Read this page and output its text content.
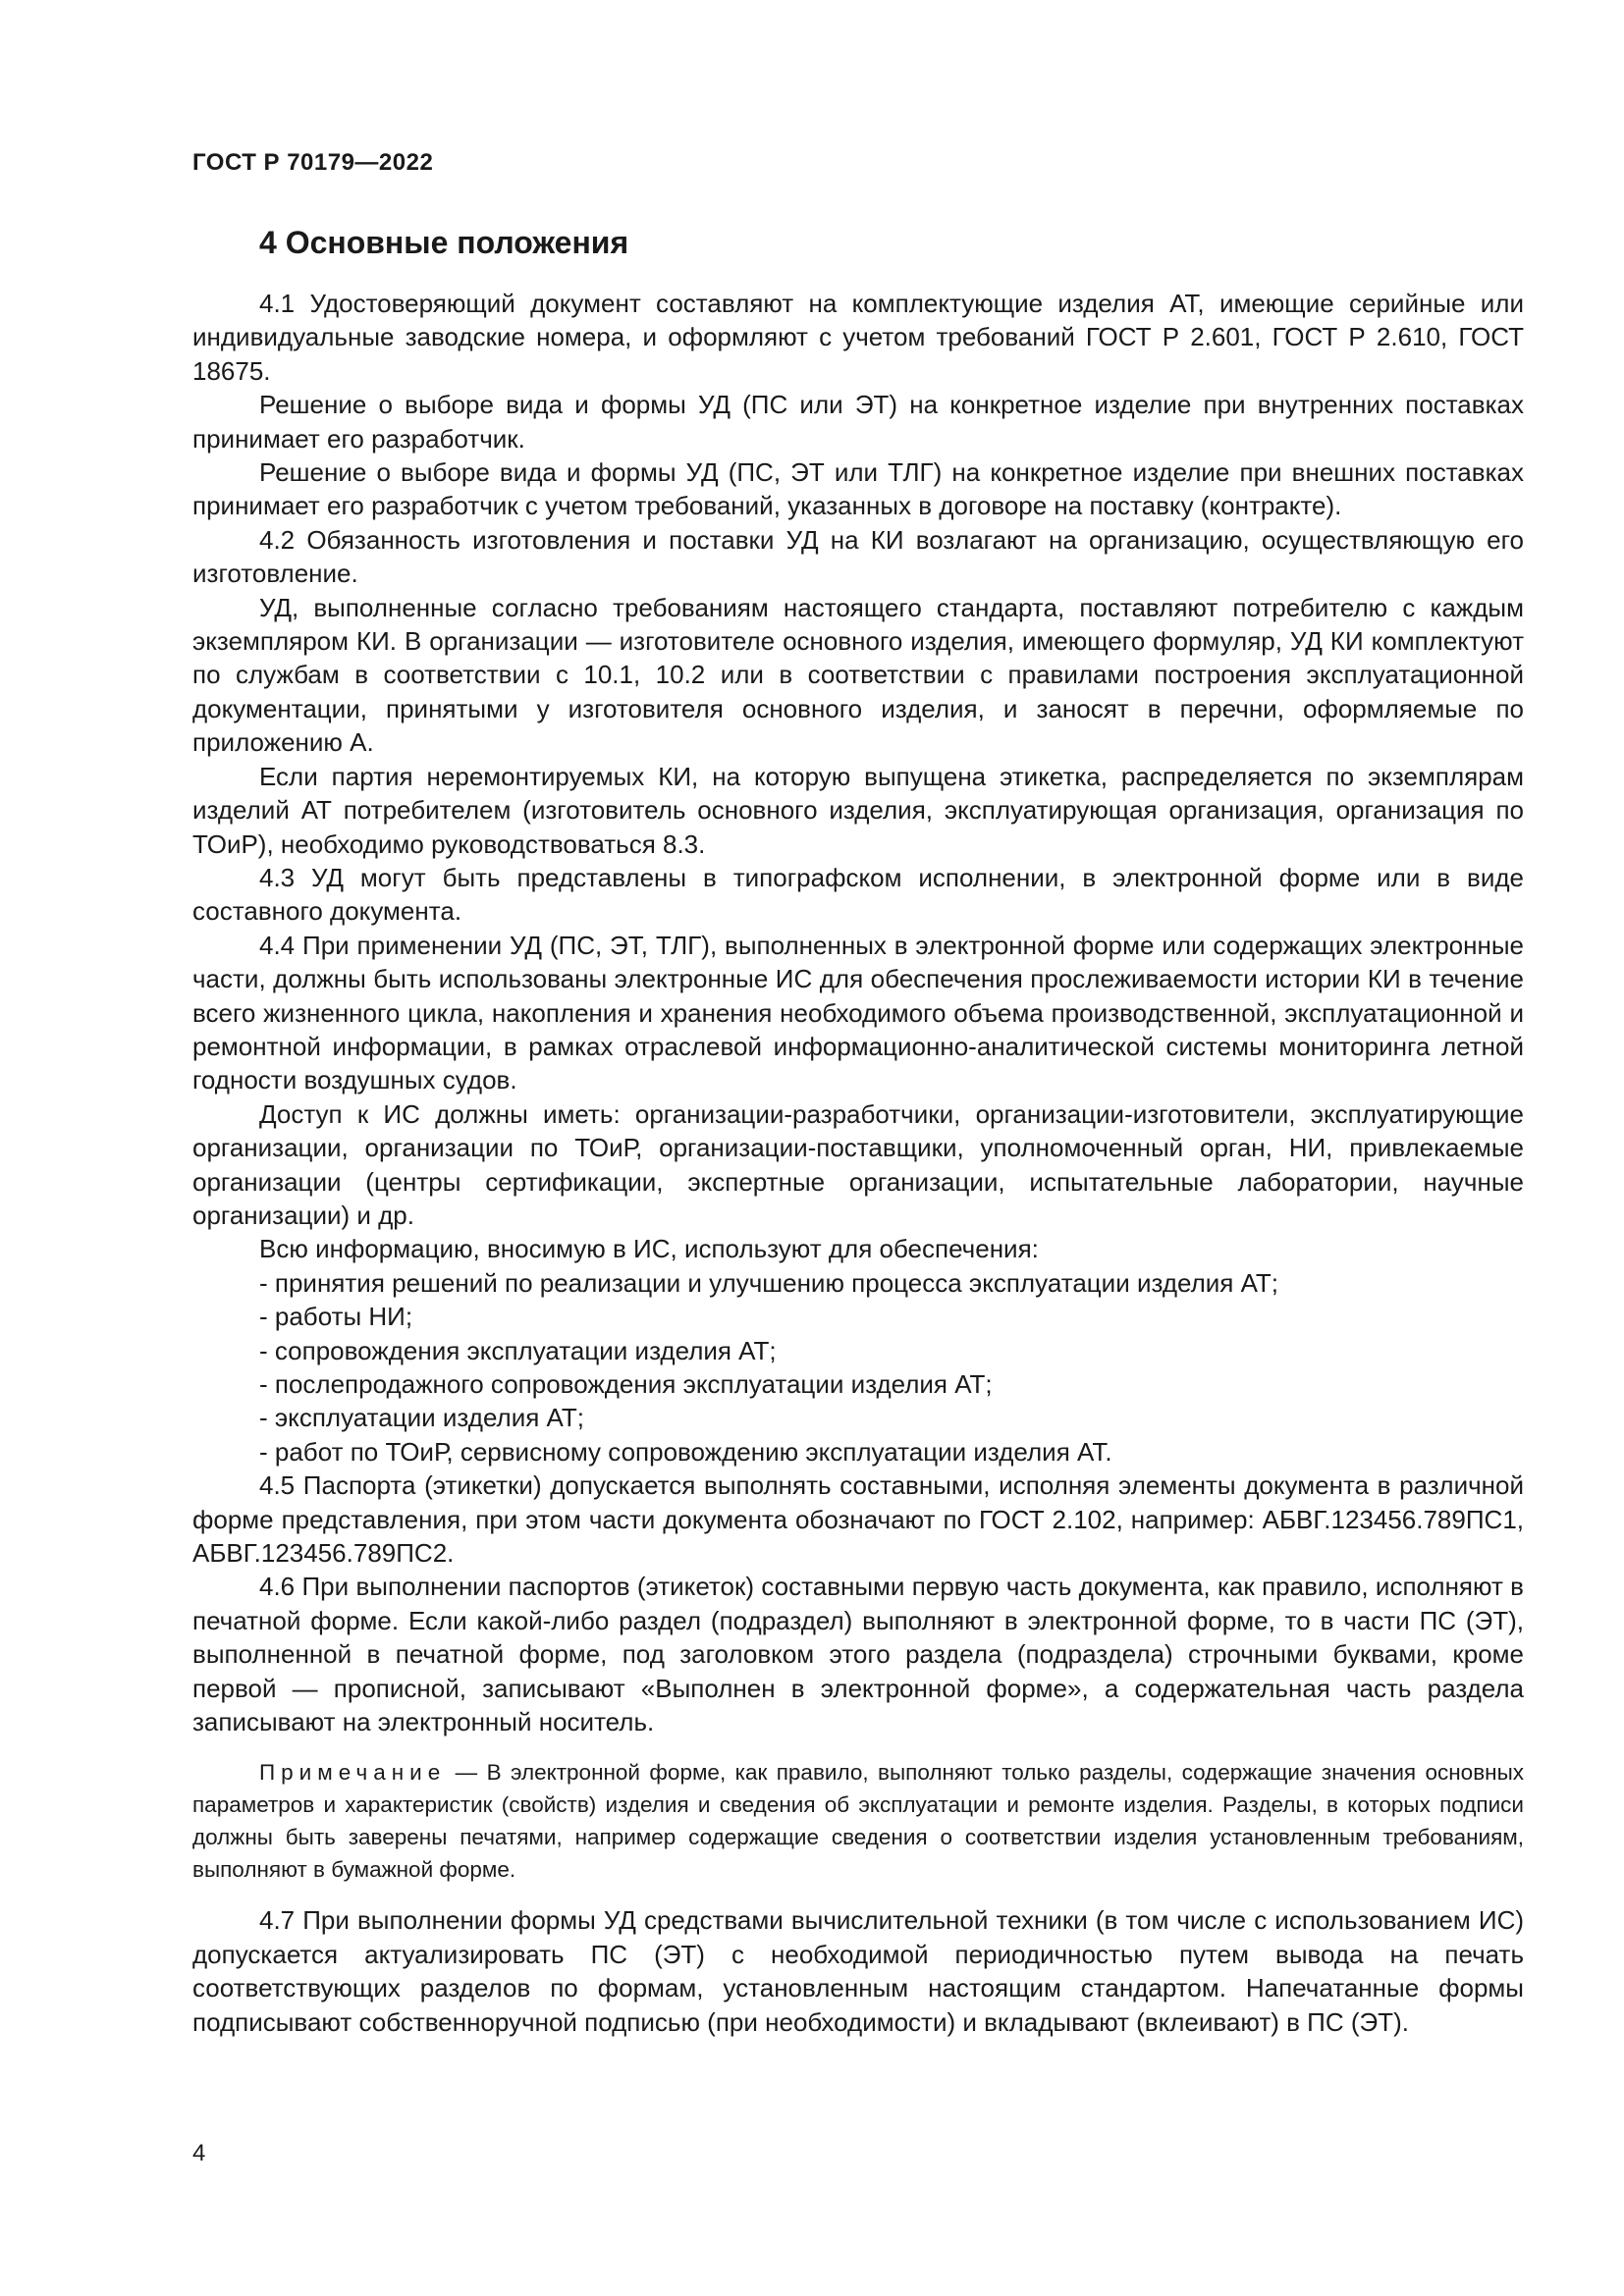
ГОСТ Р 70179—2022
4 Основные положения

4.1 Удостоверяющий документ составляют на комплектующие изделия АТ, имеющие серийные или индивидуальные заводские номера, и оформляют с учетом требований ГОСТ Р 2.601, ГОСТ Р 2.610, ГОСТ 18675.

Решение о выборе вида и формы УД (ПС или ЭТ) на конкретное изделие при внутренних поставках принимает его разработчик.

Решение о выборе вида и формы УД (ПС, ЭТ или ТЛГ) на конкретное изделие при внешних поставках принимает его разработчик с учетом требований, указанных в договоре на поставку (контракте).

4.2 Обязанность изготовления и поставки УД на КИ возлагают на организацию, осуществляющую его изготовление.

УД, выполненные согласно требованиям настоящего стандарта, поставляют потребителю с каждым экземпляром КИ. В организации — изготовителе основного изделия, имеющего формуляр, УД КИ комплектуют по службам в соответствии с 10.1, 10.2 или в соответствии с правилами построения эксплуатационной документации, принятыми у изготовителя основного изделия, и заносят в перечни, оформляемые по приложению А.

Если партия неремонтируемых КИ, на которую выпущена этикетка, распределяется по экземплярам изделий АТ потребителем (изготовитель основного изделия, эксплуатирующая организация, организация по ТОиР), необходимо руководствоваться 8.3.

4.3 УД могут быть представлены в типографском исполнении, в электронной форме или в виде составного документа.

4.4 При применении УД (ПС, ЭТ, ТЛГ), выполненных в электронной форме или содержащих электронные части, должны быть использованы электронные ИС для обеспечения прослеживаемости истории КИ в течение всего жизненного цикла, накопления и хранения необходимого объема производственной, эксплуатационной и ремонтной информации, в рамках отраслевой информационно-аналитической системы мониторинга летной годности воздушных судов.

Доступ к ИС должны иметь: организации-разработчики, организации-изготовители, эксплуатирующие организации, организации по ТОиР, организации-поставщики, уполномоченный орган, НИ, привлекаемые организации (центры сертификации, экспертные организации, испытательные лаборатории, научные организации) и др.

Всю информацию, вносимую в ИС, используют для обеспечения:

- принятия решений по реализации и улучшению процесса эксплуатации изделия АТ;
- работы НИ;
- сопровождения эксплуатации изделия АТ;
- послепродажного сопровождения эксплуатации изделия АТ;
- эксплуатации изделия АТ;
- работ по ТОиР, сервисному сопровождению эксплуатации изделия АТ.

4.5 Паспорта (этикетки) допускается выполнять составными, исполняя элементы документа в различной форме представления, при этом части документа обозначают по ГОСТ 2.102, например: АБВГ.123456.789ПС1, АБВГ.123456.789ПС2.

4.6 При выполнении паспортов (этикеток) составными первую часть документа, как правило, исполняют в печатной форме. Если какой-либо раздел (подраздел) выполняют в электронной форме, то в части ПС (ЭТ), выполненной в печатной форме, под заголовком этого раздела (подраздела) строчными буквами, кроме первой — прописной, записывают «Выполнен в электронной форме», а содержательная часть раздела записывают на электронный носитель.

Примечание — В электронной форме, как правило, выполняют только разделы, содержащие значения основных параметров и характеристик (свойств) изделия и сведения об эксплуатации и ремонте изделия. Разделы, в которых подписи должны быть заверены печатями, например содержащие сведения о соответствии изделия установленным требованиям, выполняют в бумажной форме.

4.7 При выполнении формы УД средствами вычислительной техники (в том числе с использованием ИС) допускается актуализировать ПС (ЭТ) с необходимой периодичностью путем вывода на печать соответствующих разделов по формам, установленным настоящим стандартом. Напечатанные формы подписывают собственноручной подписью (при необходимости) и вкладывают (вклеивают) в ПС (ЭТ).

4
